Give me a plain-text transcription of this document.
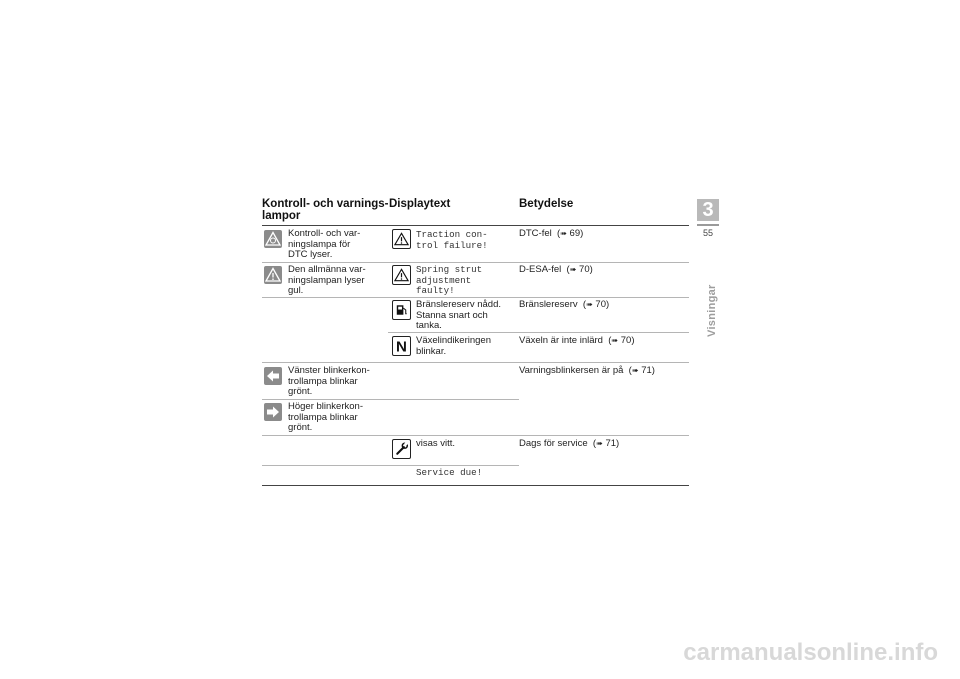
Kontroll- och varnings-
lampor
Displaytext	Betydelse
Kontroll- och var-
ningslampa för
DTC lyser.
Traction con-
trol failure!
DTC-fel (➠ 69)
Den allmänna var-
ningslampan lyser
gul.
Spring strut
adjustment
faulty!
D-ESA-fel (➠ 70)
Bränslereserv nådd.
Stanna snart och
tanka.
Bränslereserv (➠ 70)
N Växelindikeringen
blinkar.
Växeln är inte inlärd (➠ 70)
Vänster blinkerkon-
trollampa blinkar
grönt.
Varningsblinkersen är på (➠ 71)
Höger blinkerkon-
trollampa blinkar
grönt.
visas vitt.	Dags för service (➠ 71)
Service due!
3
55
Visningar
carmanualsonline.info
